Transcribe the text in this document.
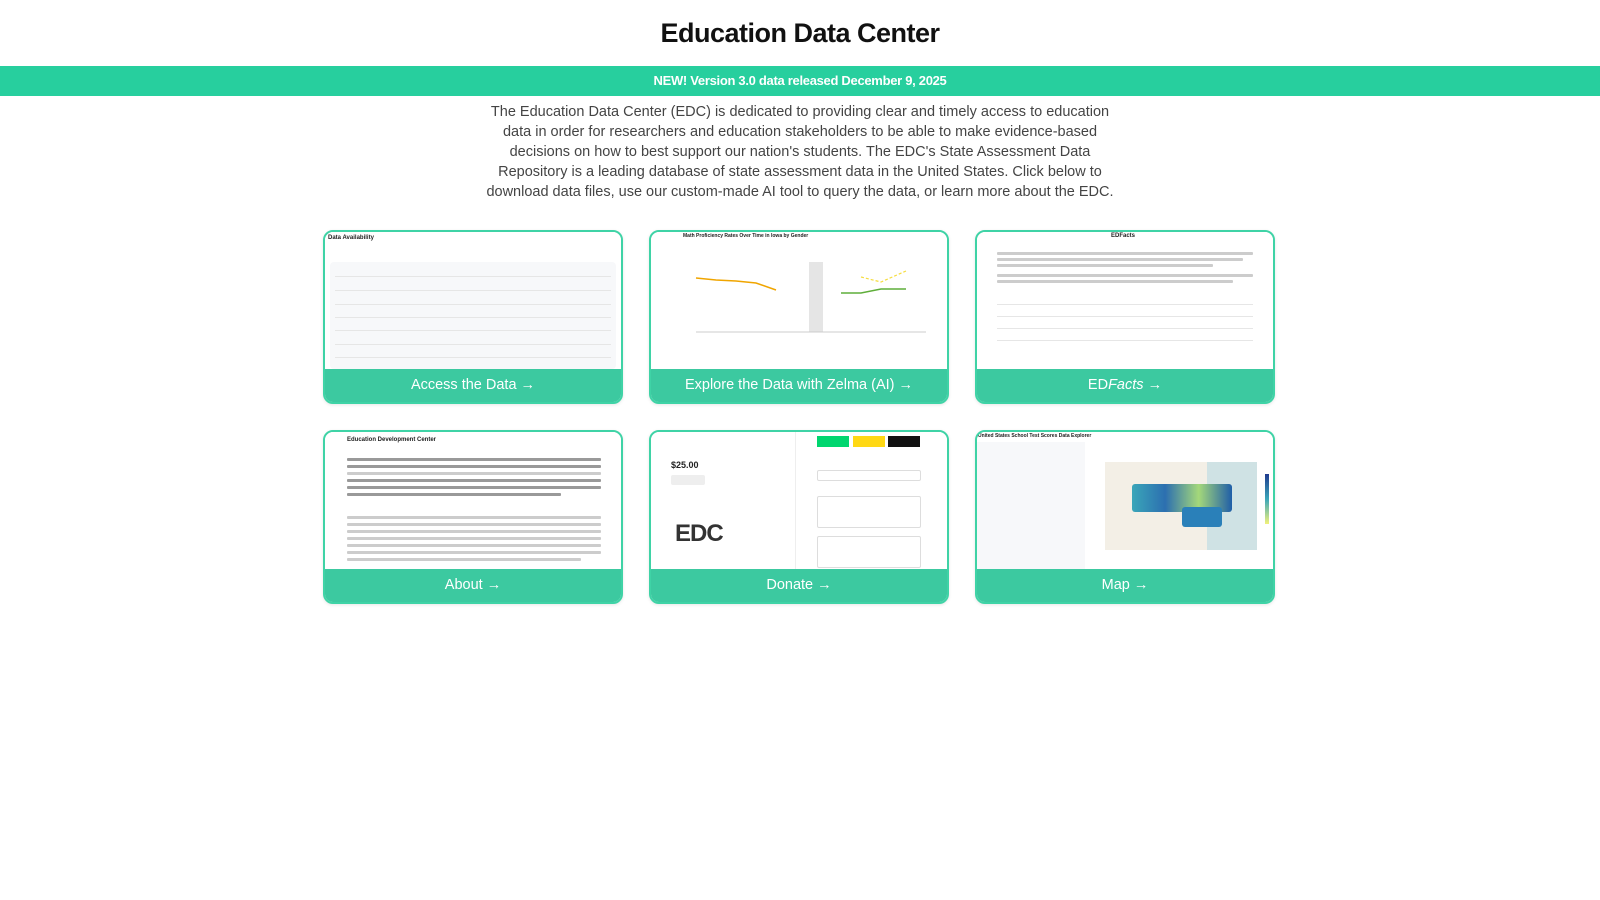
Education Data Center
NEW! Version 3.0 data released December 9, 2025

The Education Data Center (EDC) is dedicated to providing clear and timely access to education data in order for researchers and education stakeholders to be able to make evidence-based decisions on how to best support our nation's students. The EDC's State Assessment Data Repository is a leading database of state assessment data in the United States. Click below to download data files, use our custom-made AI tool to query the data, or learn more about the EDC.

Data Availability
Access the Data →
Math Proficiency Rates Over Time in Iowa by Gender
Explore the Data with Zelma (AI) →
EDFacts
EDFacts →
Education Development Center
About →
$25.00
EDC
Donate →
United States School Test Scores Data Explorer
Map →
